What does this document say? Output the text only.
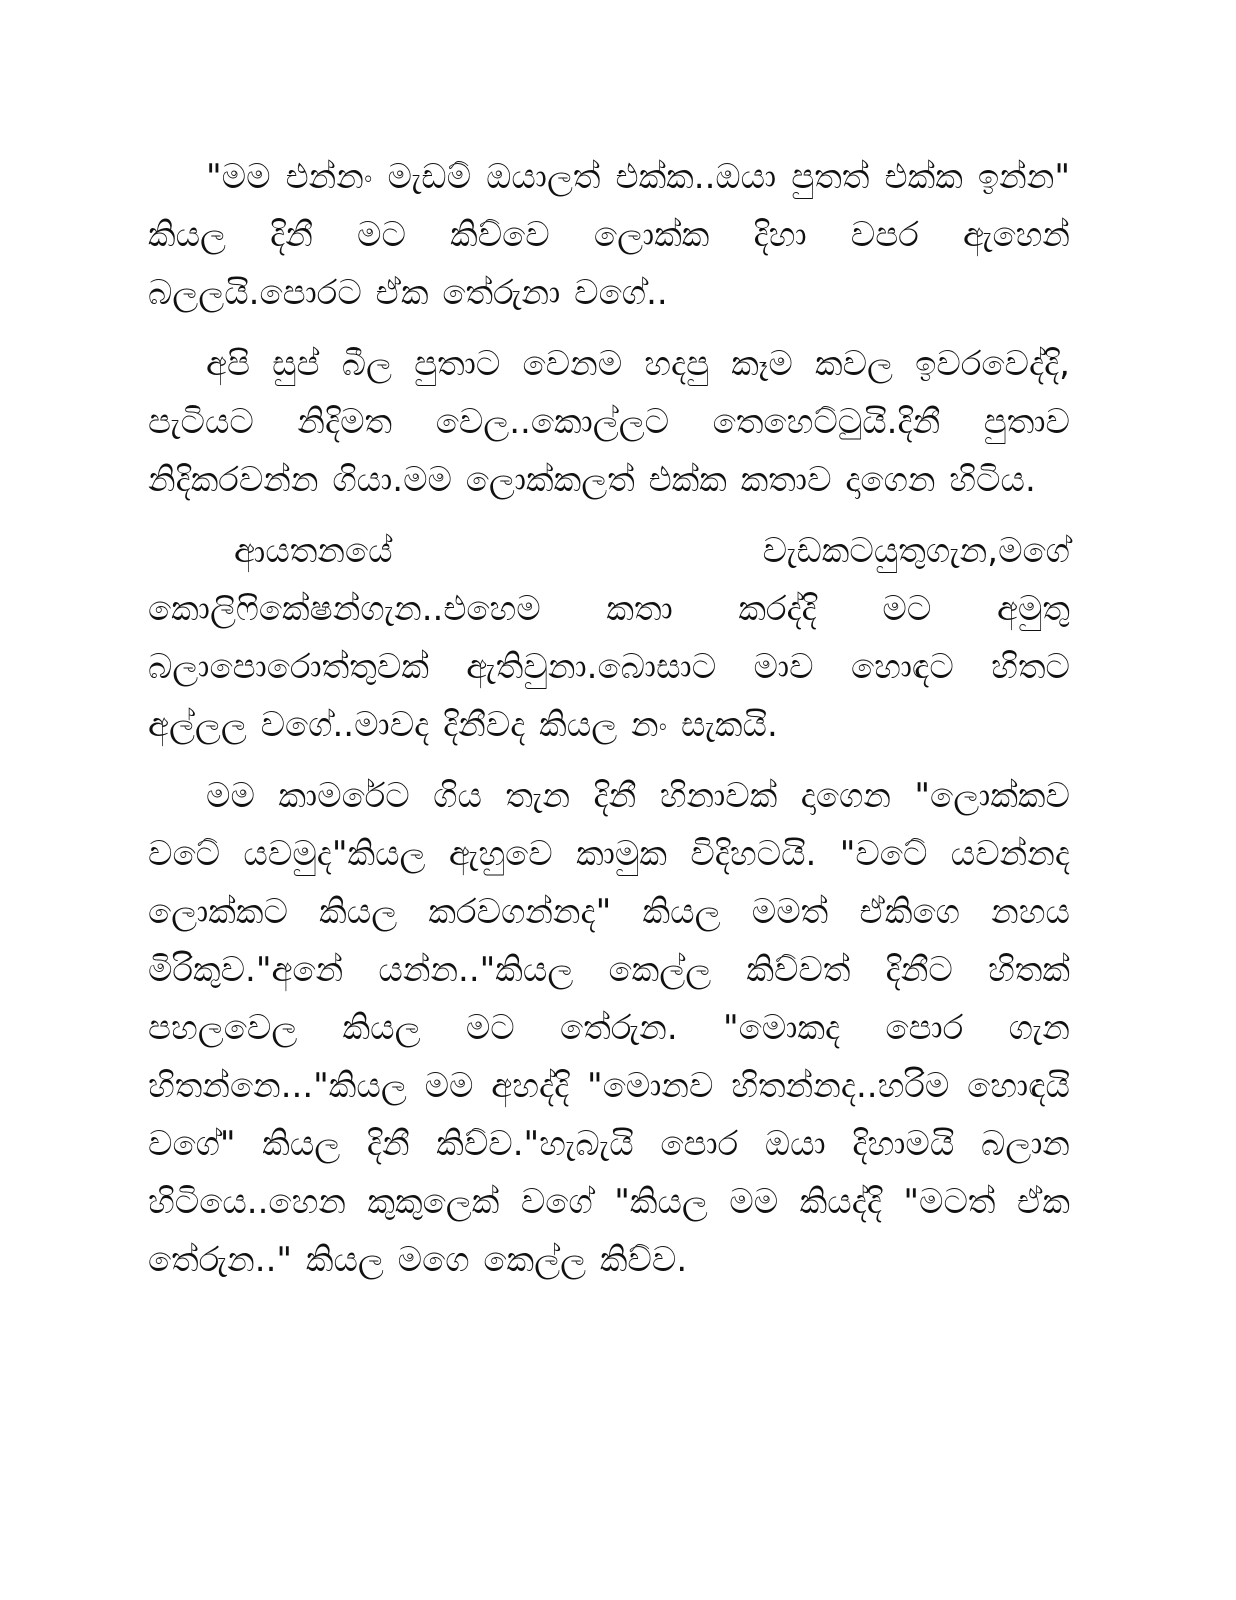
"මම එන්නං මැඩම් ඔයාලත් එක්ක..ඔයා පුතත් එක්ක ඉන්න" කියල දිනී මට කිව්වෙ ලොක්ක දිහා වපර ඇහෙන් බලලයි.පොරට ඒක තේරුනා වගේ..

අපි සුප් බීල පුතාට වෙනම හදපු කෑම කවල ඉවරවෙද්දි, පැටියට නිදිමත වෙල..කොල්ලට තෙහෙට්ටුයි.දිනී පුතාව නිදිකරවන්න ගියා.මම ලොක්කලත් එක්ක කතාව දාගෙන හිටිය.

ආයතනයේ වැඩකටයුතුගැන,මගේ කොලිෆිකේෂන්ගැන..එහෙම කතා කරද්දි මට අමුතු බලාපොරොත්තුවක් ඇතිවුනා.බොසාට මාව හොඳට හිතට අල්ලල වගේ..මාවද දිනීවද කියල නං සැකයි.

මම කාමරේට ගිය තැන දිනී හිනාවක් දාගෙන "ලොක්කව වටේ යවමුද"කියල ඇහුවෙ කාමුක විදිහටයි. "වටේ යවන්නද ලොක්කට කියල කරවගන්නද" කියල මමත් ඒකිගෙ නහය මිරිකුව."අනේ යන්න.."කියල කෙල්ල කිව්වත් දිනීට හිතක් පහලවෙල කියල මට තේරුන. "මොකද පොර ගැන හිතන්නෙ..."කියල මම අහද්දි "මොනව හිතන්නද..හරිම හොඳයි වගේ" කියල දිනී කිව්ව."හැබැයි පොර ඔයා දිහාමයි බලාන හිටියෙ..හෙන කුකුලෙක් වගේ "කියල මම කියද්දි "මටත් ඒක තේරුන.." කියල මගෙ කෙල්ල කිව්ව.
